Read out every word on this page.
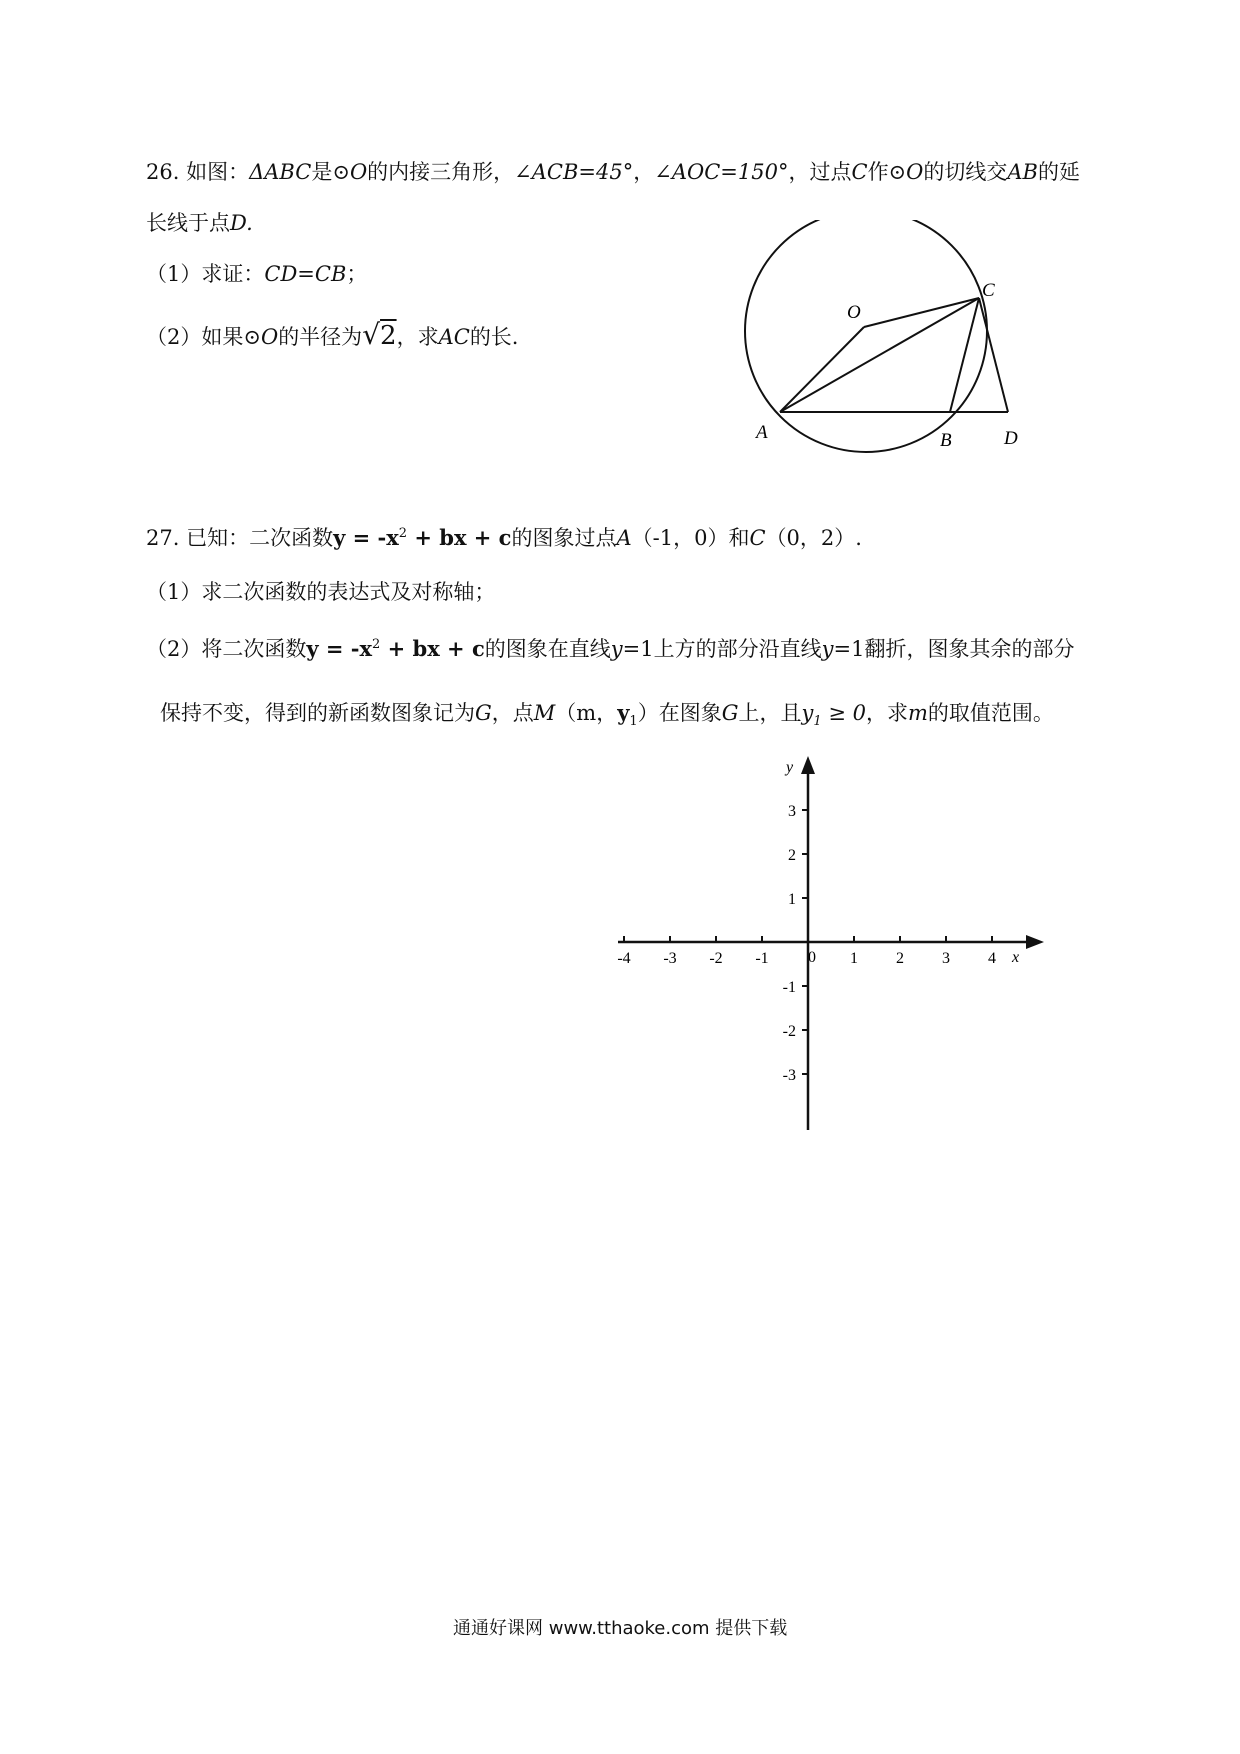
26. 如图：ΔABC是⊙O的内接三角形，∠ACB=45°，∠AOC=150°，过点C作⊙O的切线交AB的延
长线于点D.
（1）求证：CD=CB；
（2）如果⊙O的半径为√2，求AC的长.
O
C
A	B	D
27. 已知：二次函数$y = -x^2$ + bx + c的图象过点A（-1，0）和C（0，2）.
（1）求二次函数的表达式及对称轴；
（2）将二次函数$y = -x^2$ + bx + c的图象在直线y=1上方的部分沿直线y=1翻折，图象其余的部分
保持不变，得到的新函数图象记为G，点M（m，$y_1$）在图象G上，且$y_1 \ge 0$，求m的取值范围。
x
y
0
-4 -3 -2 -1	1 2 3 4
3
2
1
-1
-2
-3
通通好课网 www.tthaoke.com 提供下载
